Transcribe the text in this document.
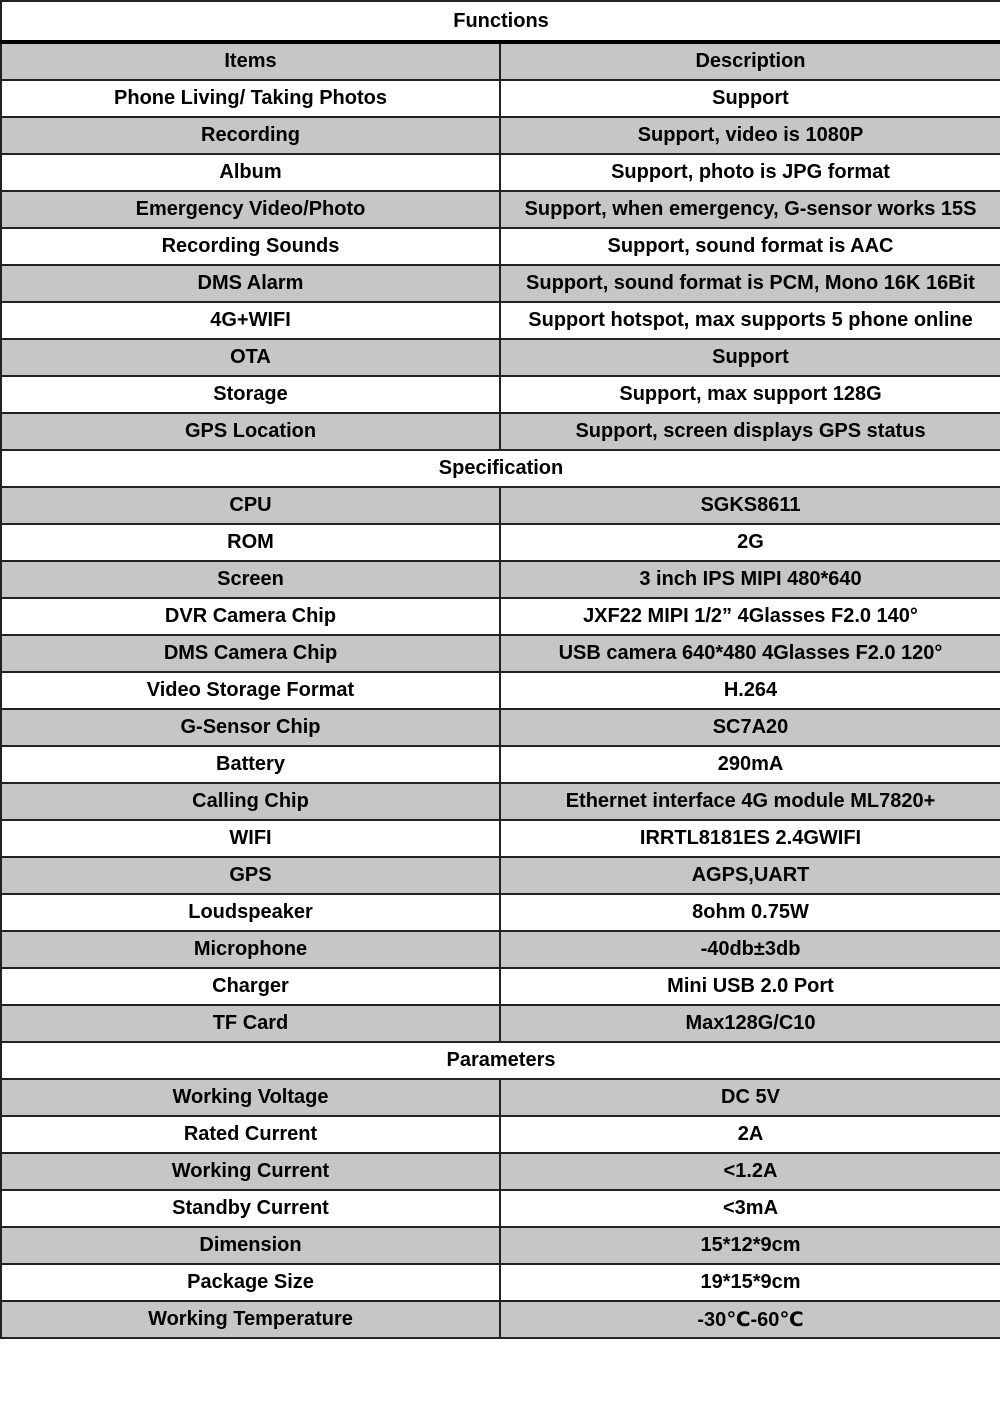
Functions	
Items	Description
Phone Living/ Taking Photos	Support
Recording	Support, video is 1080P
Album	Support, photo is JPG format
Emergency Video/Photo	Support, when emergency, G-sensor works 15S
Recording Sounds	Support, sound format is AAC
DMS Alarm	Support, sound format is PCM, Mono 16K 16Bit
4G+WIFI	Support hotspot, max supports 5 phone online
OTA	Support
Storage	Support, max support 128G
GPS Location	Support, screen displays GPS status
Specification	
CPU	SGKS8611
ROM	2G
Screen	3 inch IPS MIPI 480*640
DVR Camera Chip	JXF22 MIPI 1/2” 4Glasses F2.0 140°
DMS Camera Chip	USB camera 640*480 4Glasses F2.0 120°
Video Storage Format	H.264
G-Sensor Chip	SC7A20
Battery	290mA
Calling Chip	Ethernet interface 4G module ML7820+
WIFI	IRRTL8181ES 2.4GWIFI
GPS	AGPS,UART
Loudspeaker	8ohm 0.75W
Microphone	-40db±3db
Charger	Mini USB 2.0 Port
TF Card	Max128G/C10
Parameters	
Working Voltage	DC 5V
Rated Current	2A
Working Current	<1.2A
Standby Current	<3mA
Dimension	15*12*9cm
Package Size	19*15*9cm
Working Temperature	-30℃-60℃
